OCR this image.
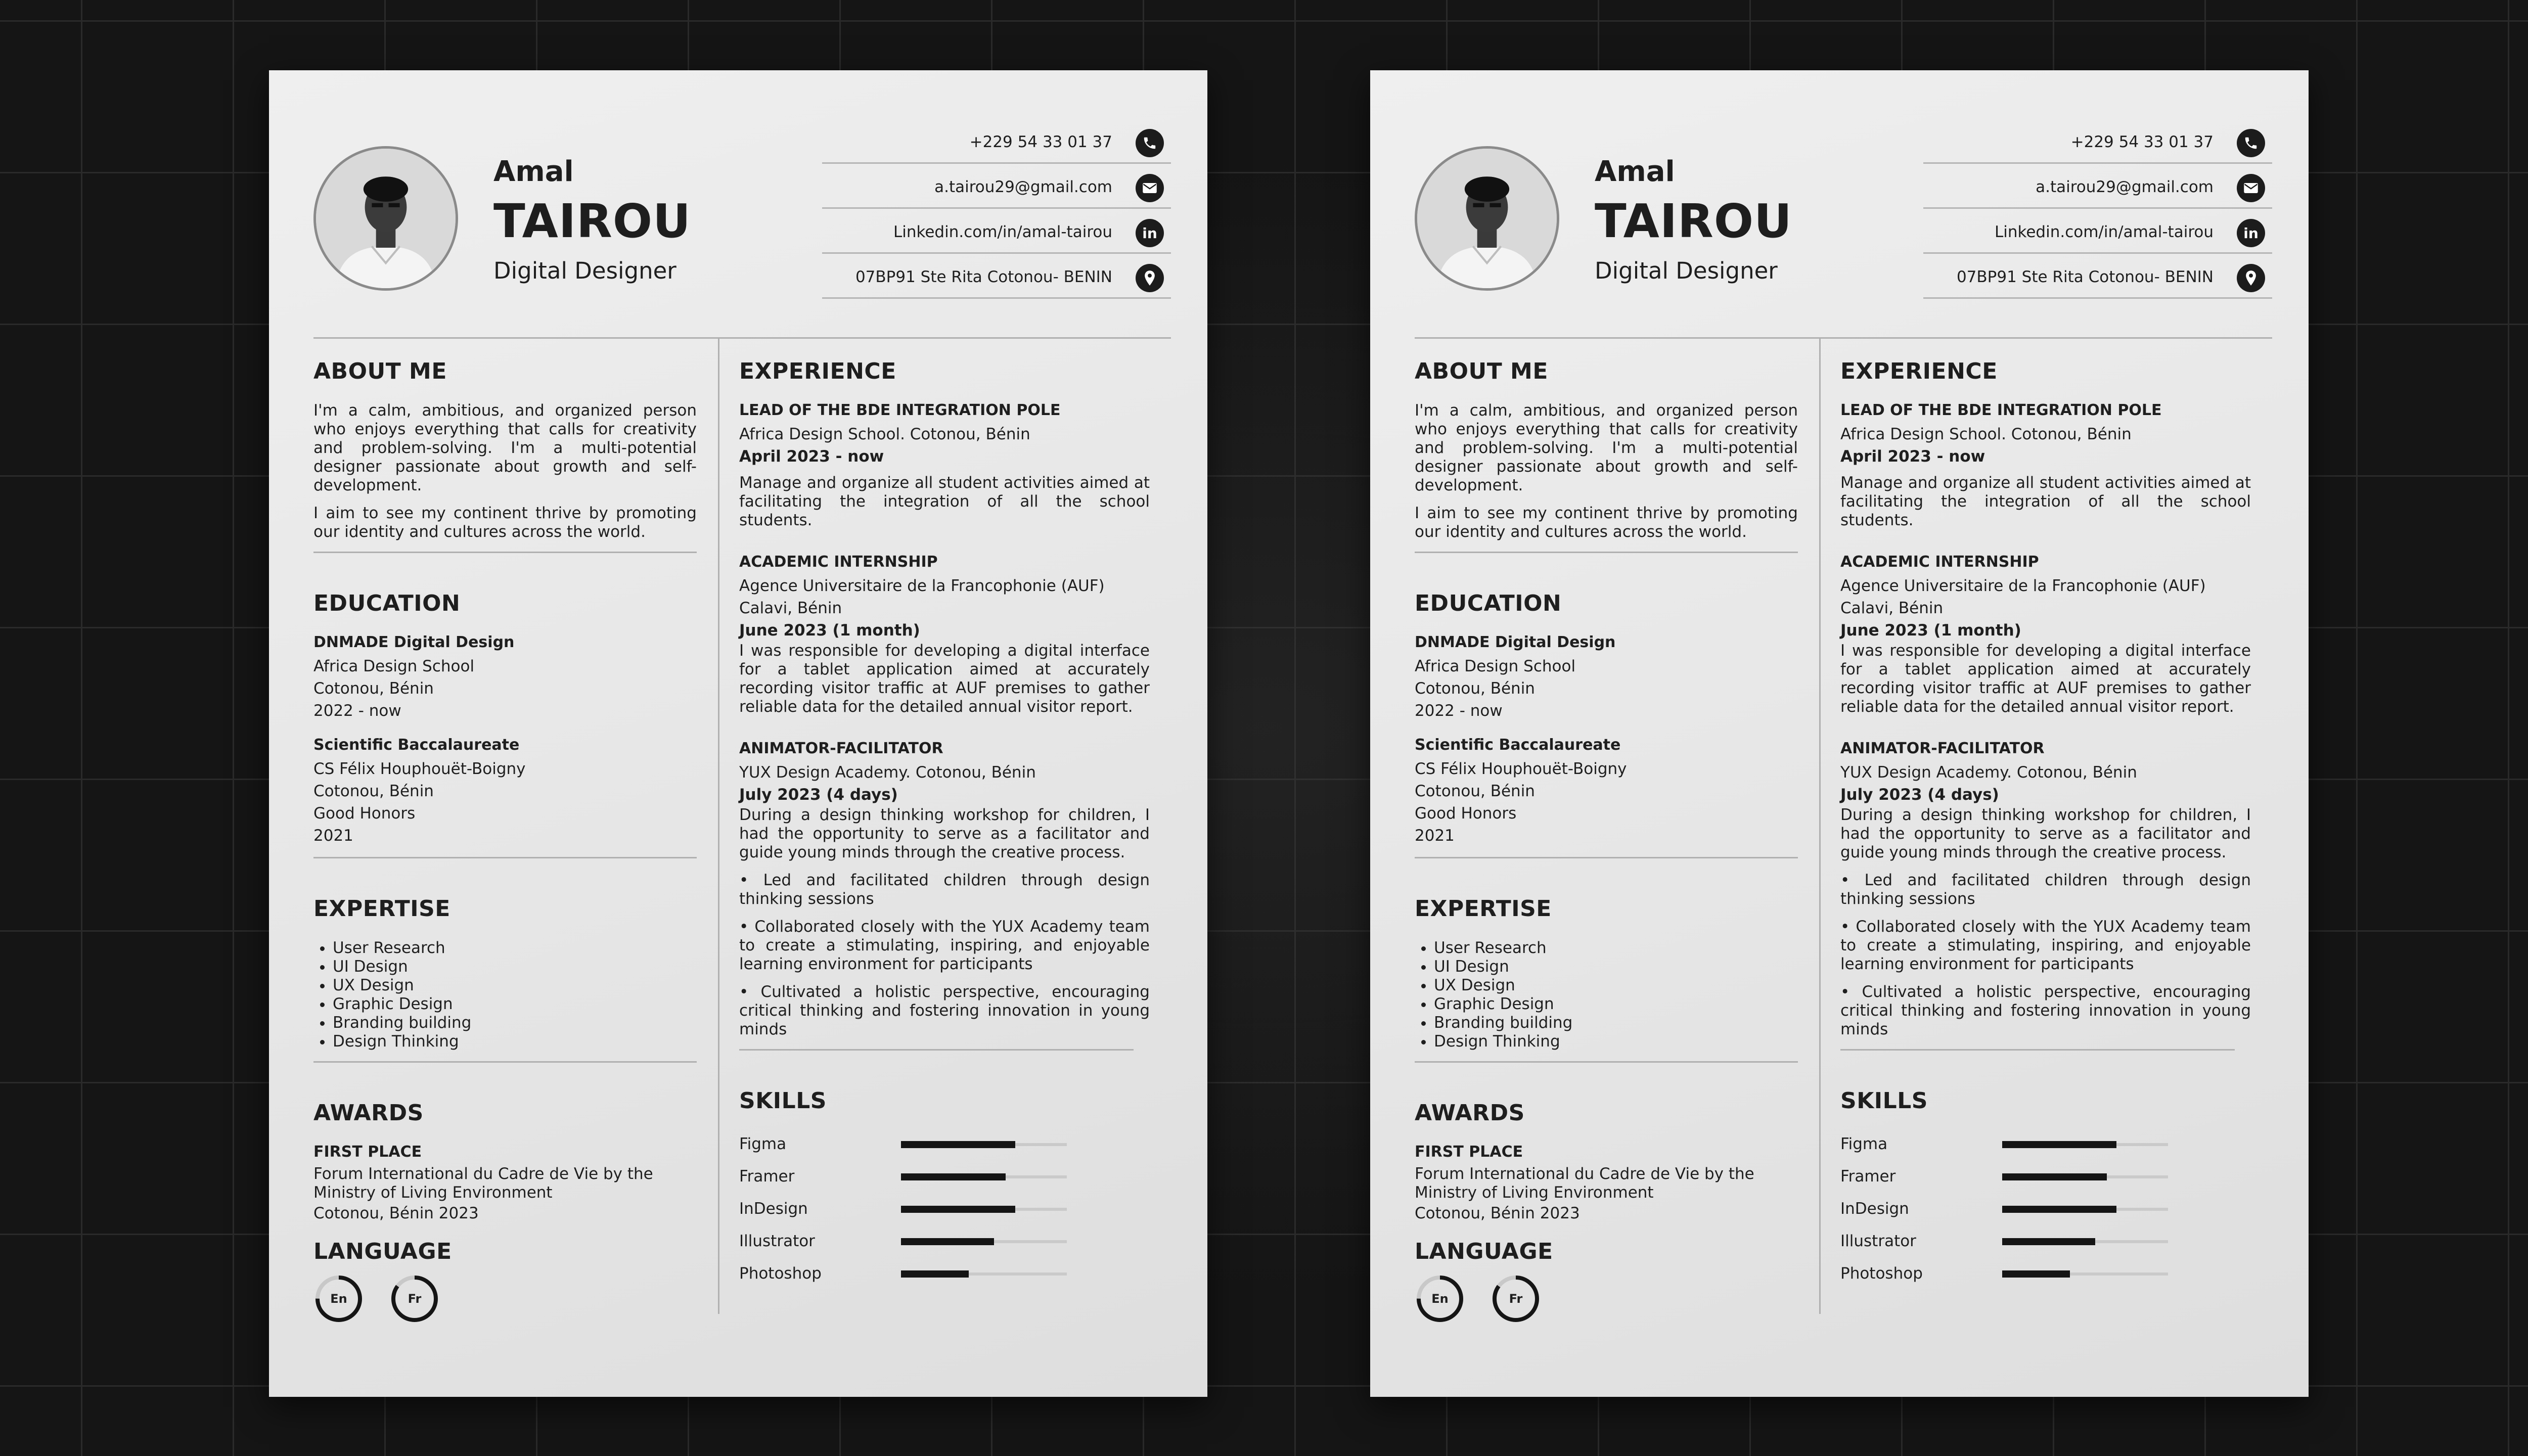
Amal
TAIROU
Digital Designer
+229 54 33 01 37
a.tairou29@gmail.com
Linkedin.com/in/amal-tairou	in
07BP91 Ste Rita Cotonou- BENIN
ABOUT ME

I'm a calm, ambitious, and organized person who enjoys everything that calls for creativity and problem-solving. I'm a multi-potential designer passionate about growth and self-development.

I aim to see my continent thrive by promoting our identity and cultures across the world.

EDUCATION
DNMADE Digital Design
Africa Design School
Cotonou, Bénin
2022 - now
Scientific Baccalaureate
CS Félix Houphouët-Boigny
Cotonou, Bénin
Good Honors
2021
EXPERTISE
• User Research
• UI Design
• UX Design
• Graphic Design
• Branding building
• Design Thinking
AWARDS
FIRST PLACE
Forum International du Cadre de Vie by the Ministry of Living Environment
Cotonou, Bénin 2023
LANGUAGE
En	Fr
EXPERIENCE
LEAD OF THE BDE INTEGRATION POLE
Africa Design School. Cotonou, Bénin
April 2023 - now

Manage and organize all student activities aimed at facilitating the integration of all the school students.

ACADEMIC INTERNSHIP
Agence Universitaire de la Francophonie (AUF)
Calavi, Bénin
June 2023 (1 month)

I was responsible for developing a digital interface for a tablet application aimed at accurately recording visitor traffic at AUF premises to gather reliable data for the detailed annual visitor report.

ANIMATOR-FACILITATOR
YUX Design Academy. Cotonou, Bénin
July 2023 (4 days)

During a design thinking workshop for children, I had the opportunity to serve as a facilitator and guide young minds through the creative process.

• Led and facilitated children through design thinking sessions

• Collaborated closely with the YUX Academy team to create a stimulating, inspiring, and enjoyable learning environment for participants

• Cultivated a holistic perspective, encouraging critical thinking and fostering innovation in young minds

SKILLS
Figma
Framer
InDesign
Illustrator
Photoshop
Amal
TAIROU
Digital Designer
+229 54 33 01 37
a.tairou29@gmail.com
Linkedin.com/in/amal-tairou	in
07BP91 Ste Rita Cotonou- BENIN
ABOUT ME

I'm a calm, ambitious, and organized person who enjoys everything that calls for creativity and problem-solving. I'm a multi-potential designer passionate about growth and self-development.

I aim to see my continent thrive by promoting our identity and cultures across the world.

EDUCATION
DNMADE Digital Design
Africa Design School
Cotonou, Bénin
2022 - now
Scientific Baccalaureate
CS Félix Houphouët-Boigny
Cotonou, Bénin
Good Honors
2021
EXPERTISE
• User Research
• UI Design
• UX Design
• Graphic Design
• Branding building
• Design Thinking
AWARDS
FIRST PLACE
Forum International du Cadre de Vie by the Ministry of Living Environment
Cotonou, Bénin 2023
LANGUAGE
En	Fr
EXPERIENCE
LEAD OF THE BDE INTEGRATION POLE
Africa Design School. Cotonou, Bénin
April 2023 - now

Manage and organize all student activities aimed at facilitating the integration of all the school students.

ACADEMIC INTERNSHIP
Agence Universitaire de la Francophonie (AUF)
Calavi, Bénin
June 2023 (1 month)

I was responsible for developing a digital interface for a tablet application aimed at accurately recording visitor traffic at AUF premises to gather reliable data for the detailed annual visitor report.

ANIMATOR-FACILITATOR
YUX Design Academy. Cotonou, Bénin
July 2023 (4 days)

During a design thinking workshop for children, I had the opportunity to serve as a facilitator and guide young minds through the creative process.

• Led and facilitated children through design thinking sessions

• Collaborated closely with the YUX Academy team to create a stimulating, inspiring, and enjoyable learning environment for participants

• Cultivated a holistic perspective, encouraging critical thinking and fostering innovation in young minds

SKILLS
Figma
Framer
InDesign
Illustrator
Photoshop
